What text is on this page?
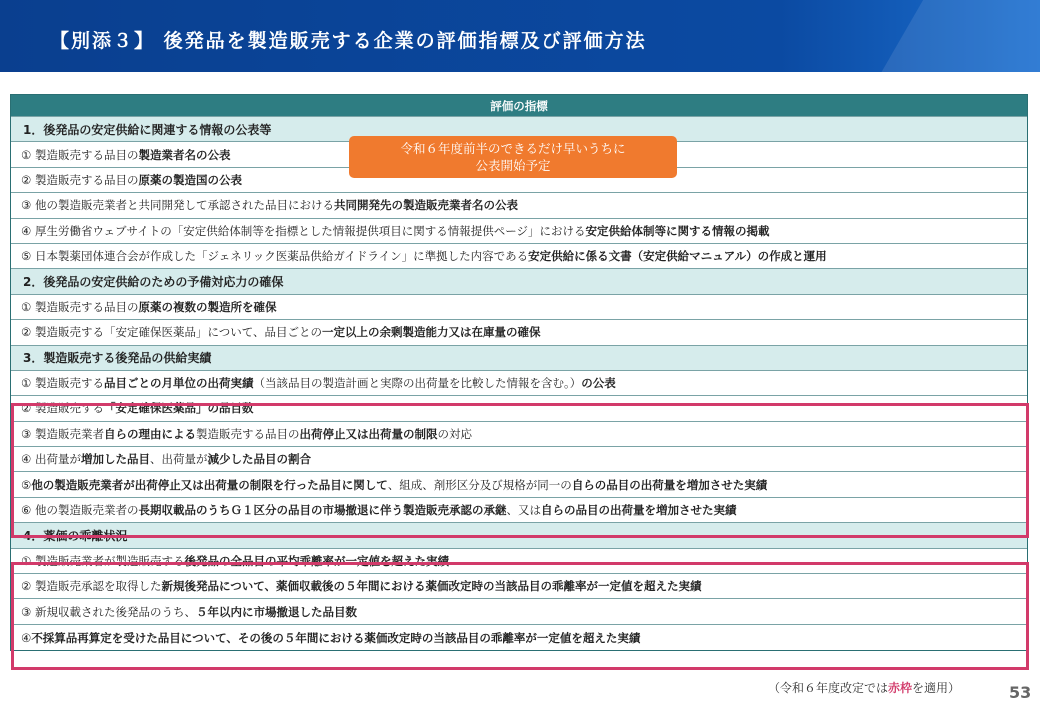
【別添３】 後発品を製造販売する企業の評価指標及び評価方法
評価の指標
1．後発品の安定供給に関連する情報の公表等
① 製造販売する品目の 製造業者名の公表
② 製造販売する品目の 原薬の製造国の公表
③ 他の製造販売業者と共同開発して承認された品目における 共同開発先の製造販売業者名の公表
④ 厚生労働省ウェブサイトの「安定供給体制等を指標とした情報提供項目に関する情報提供ページ」における 安定供給体制等に関する情報の掲載
⑤ 日本製薬団体連合会が作成した「ジェネリック医薬品供給ガイドライン」に準拠した内容である 安定供給に係る文書（安定供給マニュアル）の作成と運用
2．後発品の安定供給のための予備対応力の確保
① 製造販売する品目の 原薬の複数の製造所を確保
② 製造販売する「安定確保医薬品」について、品目ごとの 一定以上の余剰製造能力又は在庫量の確保
3．製造販売する後発品の供給実績
① 製造販売する 品目ごとの月単位の出荷実績 （当該品目の製造計画と実際の出荷量を比較した情報を含む。） の公表
② 製造販売する 「安定確保医薬品」の品目数
③ 製造販売業者 自らの理由による 製造販売する品目の 出荷停止又は出荷量の制限 の対応
④ 出荷量が 増加した品目 、出荷量が 減少した品目の割合
⑤ 他の製造販売業者が出荷停止又は出荷量の制限を行った品目に関して 、組成、剤形区分及び規格が同一の 自らの品目の出荷量を増加させた実績
⑥ 他の製造販売業者の 長期収載品のうちＧ１区分の品目の市場撤退に伴う製造販売承認の承継 、又は 自らの品目の出荷量を増加させた実績
4．薬価の乖離状況
① 製造販売業者が製造販売する 後発品の全品目の平均乖離率が一定値を超えた実績
② 製造販売承認を取得した 新規後発品について、薬価収載後の５年間における薬価改定時の当該品目の乖離率が一定値を超えた実績
③ 新規収載された後発品のうち、 ５年以内に市場撤退した品目数
④ 不採算品再算定を受けた品目について、その後の５年間における薬価改定時の当該品目の乖離率が一定値を超えた実績
令和６年度前半のできるだけ早いうちに
公表開始予定
（令和６年度改定では赤枠を適用）	53
